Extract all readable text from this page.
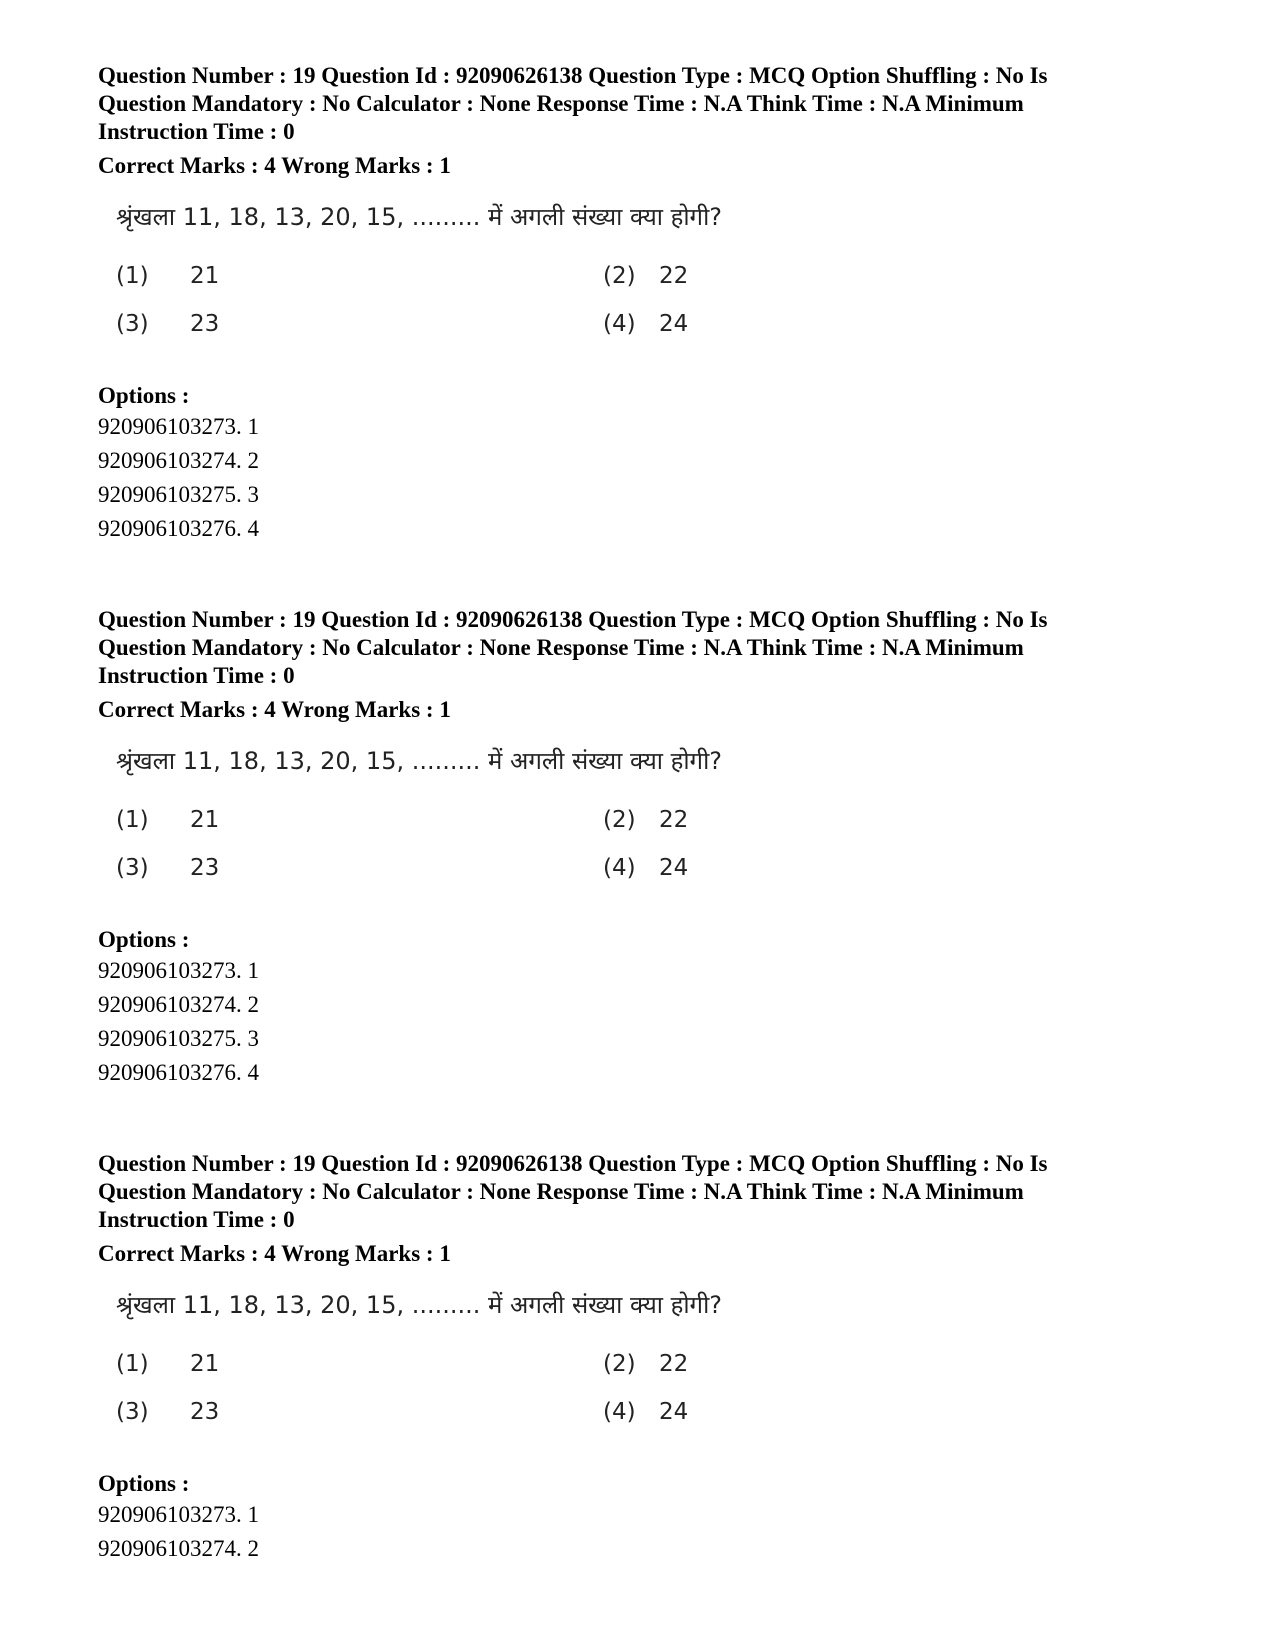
Question Number : 19 Question Id : 92090626138 Question Type : MCQ Option Shuffling : No Is
Question Mandatory : No Calculator : None Response Time : N.A Think Time : N.A Minimum
Instruction Time : 0
Correct Marks : 4 Wrong Marks : 1
श्रृंखला 11, 18, 13, 20, 15, ......... में अगली संख्या क्या होगी?
(1) 21	(2) 22
(3) 23	(4) 24
Options :
920906103273. 1
920906103274. 2
920906103275. 3
920906103276. 4
Question Number : 19 Question Id : 92090626138 Question Type : MCQ Option Shuffling : No Is
Question Mandatory : No Calculator : None Response Time : N.A Think Time : N.A Minimum
Instruction Time : 0
Correct Marks : 4 Wrong Marks : 1
श्रृंखला 11, 18, 13, 20, 15, ......... में अगली संख्या क्या होगी?
(1) 21	(2) 22
(3) 23	(4) 24
Options :
920906103273. 1
920906103274. 2
920906103275. 3
920906103276. 4
Question Number : 19 Question Id : 92090626138 Question Type : MCQ Option Shuffling : No Is
Question Mandatory : No Calculator : None Response Time : N.A Think Time : N.A Minimum
Instruction Time : 0
Correct Marks : 4 Wrong Marks : 1
श्रृंखला 11, 18, 13, 20, 15, ......... में अगली संख्या क्या होगी?
(1) 21	(2) 22
(3) 23	(4) 24
Options :
920906103273. 1
920906103274. 2
